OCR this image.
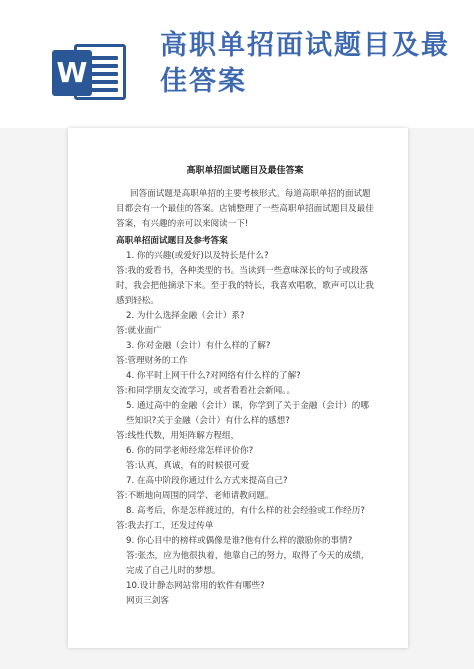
W
高职单招面试题目及最佳答案
高职单招面试题目及最佳答案
回答面试题是高职单招的主要考核形式。每道高职单招的面试题目都会有一个最佳的答案。店铺整理了一些高职单招面试题目及最佳答案，有兴趣的亲可以来阅读一下!
高职单招面试题目及参考答案
1. 你的兴趣(或爱好)以及特长是什么?
答:我的爱看书，各种类型的书。当读到一些意味深长的句子或段落时，我会把他摘录下来。至于我的特长，我喜欢唱歌，歌声可以让我感到轻松。
2. 为什么选择金融（会计）系?
答:就业面广
3. 你对金融（会计）有什么样的了解?
答:管理财务的工作
4. 你平时上网干什么?对网络有什么样的了解?
答:和同学朋友交流学习，或者看看社会新闻。。
5. 通过高中的金融（会计）课，你学到了关于金融（会计）的哪些知识?关于金融（会计）有什么样的感想?
答:线性代数，用矩阵解方程组，
6. 你的同学老师经常怎样评价你?
答:认真，真诚，有的时候很可爱
7. 在高中阶段你通过什么方式来提高自己?
答:不断地向周围的同学、老师请教问题。
8. 高考后，你是怎样渡过的，有什么样的社会经验或工作经历?
答:我去打工，还发过传单
9. 你心目中的榜样或偶像是谁?他有什么样的激励你的事情?
答:张杰，应为他很执着，他靠自己的努力，取得了今天的成绩，完成了自己儿时的梦想。
10.设计静态网站常用的软件有哪些?
网页三剑客
